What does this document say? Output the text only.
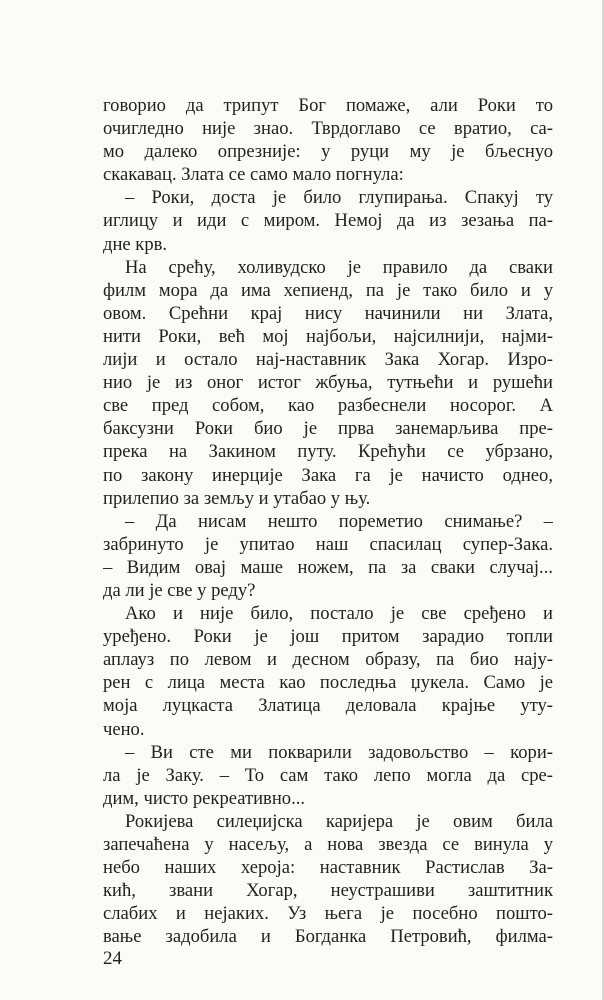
говорио да трипут Бог помаже, али Роки то
очигледно није знао. Тврдоглаво се вратио, са-
мо далеко опрезније: у руци му је бљеснуо
скакавац. Злата се само мало погнула:
– Роки, доста је било глупирања. Спакуј ту
иглицу и иди с миром. Немој да из зезања па-
дне крв.
На срећу, холивудско је правило да сваки
филм мора да има хепиенд, па је тако било и у
овом. Срећни крај нису начинили ни Злата,
нити Роки, већ мој најбољи, најсилнији, најми-
лији и остало нај-наставник Зака Хогар. Изро-
нио је из оног истог жбуња, тутњећи и рушећи
све пред собом, као разбеснели носорог. А
баксузни Роки био је прва занемарљива пре-
прека на Закином путу. Крећући се убрзано,
по закону инерције Зака га је начисто однео,
прилепио за земљу и утабао у њу.
– Да нисам нешто пореметио снимање? –
забринуто је упитао наш спасилац супер-Зака.
– Видим овај маше ножем, па за сваки случај...
да ли је све у реду?
Ако и није било, постало је све сређено и
уређено. Роки је још притом зарадио топли
аплауз по левом и десном образу, па био нају-
рен с лица места као последња џукела. Само је
моја луцкаста Златица деловала крајње уту-
чено.
– Ви сте ми покварили задовољство – кори-
ла је Заку. – То сам тако лепо могла да сре-
дим, чисто рекреативно...
Рокијева силеџијска каријера је овим била
запечаћена у насељу, а нова звезда се винула у
небо наших хероја: наставник Растислав За-
кић, звани Хогар, неустрашиви заштитник
слабих и нејаких. Уз њега је посебно пошто-
вање задобила и Богданка Петровић, филма-
24
